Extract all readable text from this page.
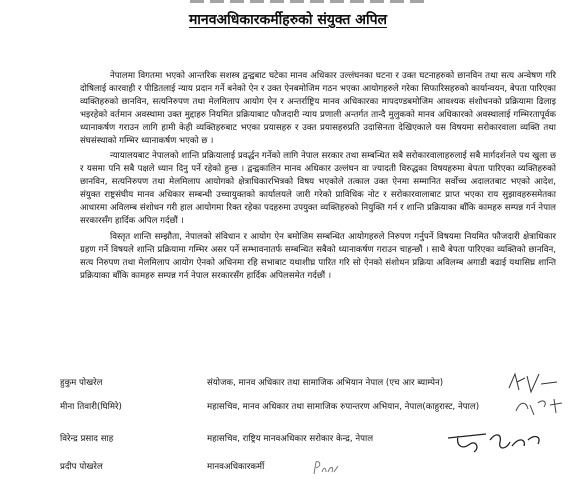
मानवअधिकारकर्मीहरुको संयुक्त अपिल

नेपालमा विगतमा भएको आन्तरिक सशस्त्र द्वन्द्वबाट घटेका मानव अधिकार उल्लंघनका घटना र उक्त घटनाहरुको छानविन तथा सत्य अन्वेषण गरि दोषिलाई कारवाही र पीडितलाई न्याय प्रदान गर्ने बनेको ऐन र उक्त ऐनबमोजिम गठन भएका आयोगहरुले गरेका सिफारिसहरुको कार्यान्वयन, बेपता पारिएका व्यक्तिहरुको छानविन, सत्यनिरुपण तथा मेलमिलाप आयोग ऐन र अन्तर्राष्ट्रिय मानव अधिकारका मापदण्डबमोजिम आवश्यक संशोधनको प्रक्रियामा ढिलाइ भइरहेको वर्तमान अवस्थामा उक्त मुद्दाहरु नियमित प्रक्रियाबाट फौजदारी न्याय प्रणाली अन्तर्गत तान्दै मुलुकको मानव अधिकारको अवस्थालाई गम्भिरतापूर्वक ध्यानाकर्षण गराउन लागि हामी केही व्यक्तिहरुबाट भएका प्रयासहरु र उक्त प्रयासहरुप्रति उदासिनता देखिएकाले यस विषयमा सरोकारवाला व्यक्ति तथा संघसंस्थाको गम्भिर ध्यानाकर्षण भएको छ ।

न्यायालयबाट नेपालको शान्ति प्रक्रियालाई प्रवर्द्धन गर्नेको लागि नेपाल सरकार तथा सम्बन्धित सबै सरोकारवालाहरुलाई सबै मार्गदर्शनले पथ खुला छ र यसमा पनि सबै पक्षले ध्यान दिनु पर्ने रहेको हुन्छ । द्वन्द्वकालिन मानव अधिकार उल्लंघन वा ज्यादती विरुद्धका विषयहरुमा बेपता पारिएका व्यक्तिहरुको छानविन, सत्यनिरुपण तथा मेलमिलाप आयोगको क्षेत्राधिकारभित्रको विषय भएकोले तत्काल उक्त ऐनमा सम्मानित सर्वोच्च अदालतबाट भएको आदेश, संयुक्त राष्ट्रसंघीय मानव अधिकार सम्बन्धी उच्चायुक्तको कार्यालयले जारी गरेको प्राविधिक नोट र सरोकारवालाबाट प्राप्त भएका राय सुझावहरुसमेतका आधारमा अविलम्ब संशोधन गरी हाल आयोगमा रिक्त रहेका पदहरुमा उपयुक्त व्यक्तिहरुको नियुक्ति गर्न र शान्ति प्रक्रियाका बाँकि कामहरु सम्पन्न गर्न नेपाल सरकारसँग हार्दिक अपिल गर्दछौं ।

विस्तृत शान्ति सम्झौता, नेपालको संविधान र आयोग ऐन बमोजिम सम्बन्धित आयोगहरुले निरुपण गर्नुपर्ने विषयमा नियमित फौजदारी क्षेत्राधिकार ग्रहण गर्ने विषयले शान्ति प्रक्रियामा गम्भिर असर पर्ने सम्भावनातर्फ सम्बन्धित सबैको ध्यानाकर्षण गराउन चाहन्छौं । साथै बेपता पारिएका व्यक्तिको छानविन, सत्य निरुपण तथा मेलमिलाप आयोग ऐनको अधिनमा रहि सभाबाट यथाशीघ्र पारित गरि सो ऐनको संशोधन प्रक्रिया अविलम्ब अगाडी बढाई यथासिघ्र शान्ति प्रक्रियाका बाँकि कामहरु सम्पन्न गर्न नेपाल सरकारसँग हार्दिक अपिलसमेत गर्दछौं ।

हुकुम पोखरेल	संयोजक, मानव अधिकार तथा सामाजिक अभियान नेपाल (एच आर ब्याम्पेन)
मीना तिवारी(घिमिरे)	महासचिव, मानव अधिकार तथा सामाजिक रुपान्तरण अभियान, नेपाल(काहुरास्ट, नेपाल)
विरेन्द्र प्रसाद साह	महासचिव, राष्ट्रिय मानवअधिकार सरोकार केन्द्र, नेपाल
प्रदीप पोखरेल	मानवअधिकारकर्मी
